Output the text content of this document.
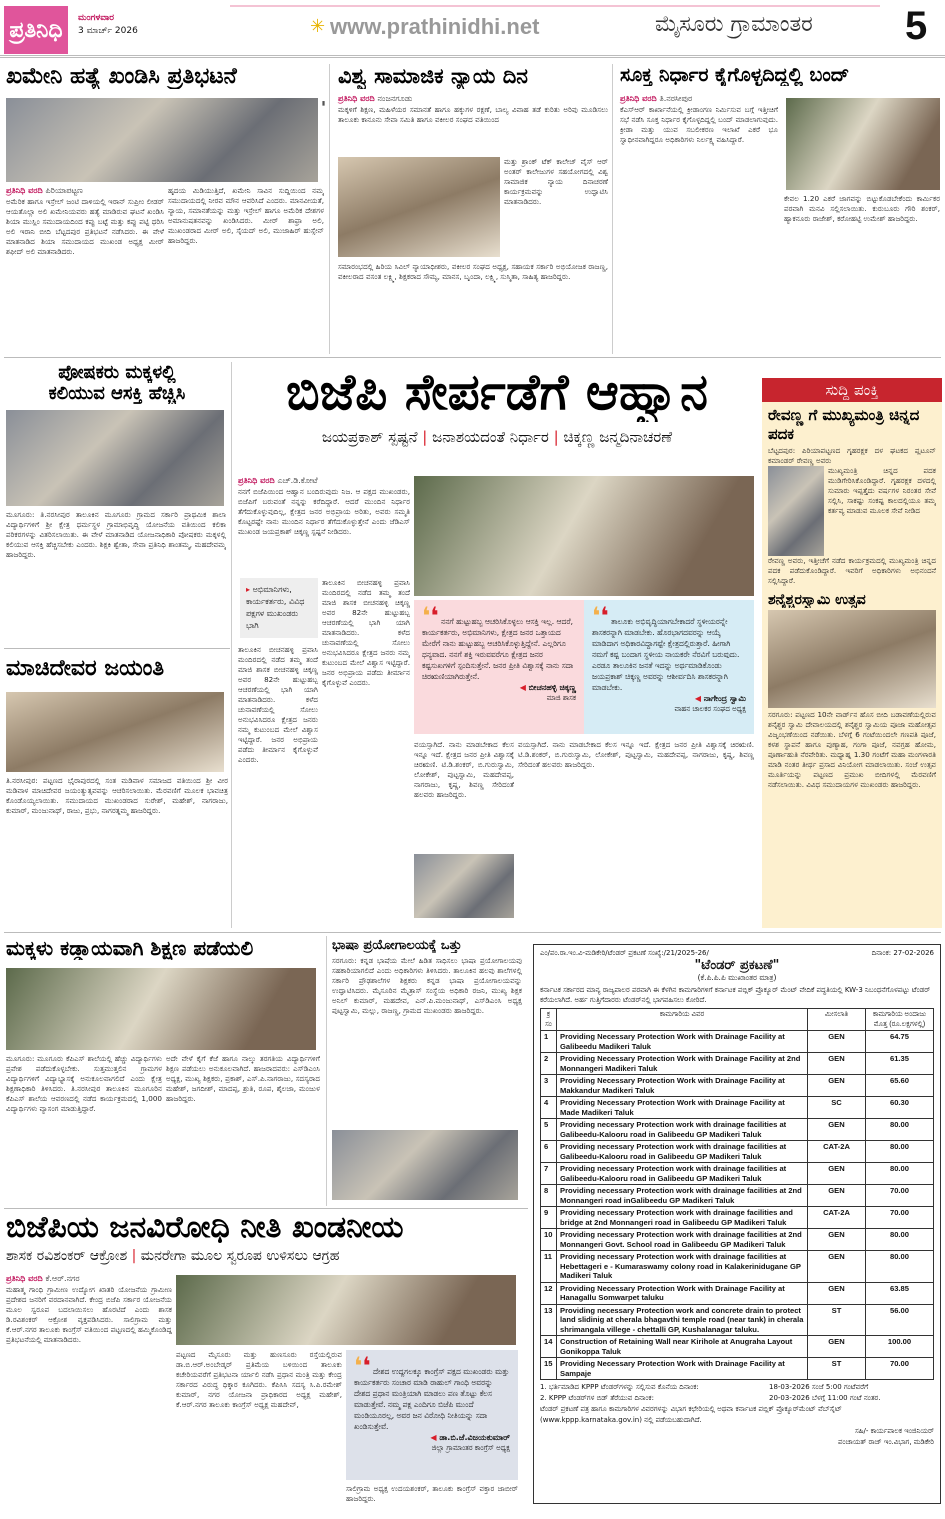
ಪ್ರತಿನಿಧಿ	ಮಂಗಳವಾರ
3 ಮಾರ್ಚ್ 2026	✳ www.prathinidhi.net	ಮೈಸೂರು ಗ್ರಾಮಾಂತರ 5
ಖಮೇನಿ ಹತ್ಯೆ ಖಂಡಿಸಿ ಪ್ರತಿಭಟನೆ
▮
ಪ್ರತಿನಿಧಿ ವರದಿ ಪಿರಿಯಾಪಟ್ಟಣ
ಅಮೆರಿಕ ಹಾಗೂ ಇಸ್ರೇಲ್ ಜಂಟಿ ದಾಳಿಯಲ್ಲಿ ಇರಾನ್ ಸುಪ್ರೀಂ ಲೀಡರ್ ಆಯತೊಲ್ಲಾ ಅಲಿ ಖಮೇನಿಯವರು ಹತ್ಯೆ ಮಾಡಿರುವ ಘಟನೆ ಖಂಡಿಸಿ ಶಿಯಾ ಮುಸ್ಲಿಂ ಸಮುದಾಯದಿಂದ ಕಪ್ಪು ಬಟ್ಟೆ ಮತ್ತು ಕಪ್ಪು ಪಟ್ಟಿ ಧರಿಸಿ ಅಲಿ ಇರಾನಿ ಬೀದಿ ಬೆಟ್ಟದಪುರ ಪ್ರತಿಭಟನೆ ನಡೆಸಿದರು. ಈ ವೇಳೆ ಮಾತನಾಡಿದ ಶಿಯಾ ಸಮುದಾಯದ ಮುಖಂಡ ಅಧ್ಯಕ್ಷ ಮೀರ್ ಶಫೀದ್ ಅಲಿ ಮಾತನಾಡಿದರು.
ಹೃದಯ ಮಿಡಿಯುತ್ತಿದೆ, ಖಮೇನಿ ಸಾವಿನ ಸುದ್ದಿಯಿಂದ ನಮ್ಮ ಸಮುದಾಯದಲ್ಲಿ ನೀರವ ಮೌನ ಆವರಿಸಿದೆ ಎಂದರು. ಮಾನವೀಯತೆ, ನ್ಯಾಯ, ಸಮಾನತೆಯನ್ನು ಮತ್ತು ಇಸ್ರೇಲ್ ಹಾಗೂ ಅಮೆರಿಕ ದೇಶಗಳ ಅಮಾನುಷತನವನ್ನು ಖಂಡಿಸಿದರು. ಮೀರ್ ಶಾಫ್ರಾ ಅಲಿ, ಮುಖಂಡರಾದ ಮೀರ್ ಅಲಿ, ಸೈಯದ್ ಅಲಿ, ಮುಜಾಹಿರ್ ಹುಸ್ಸೇನ್ ಹಾಜರಿದ್ದರು.
ವಿಶ್ವ ಸಾಮಾಜಿಕ ನ್ಯಾಯ ದಿನ
ಪ್ರತಿನಿಧಿ ವರದಿ ನಂಜನಗೂಡು
ಮಕ್ಕಳಿಗೆ ಶಿಕ್ಷಣ, ಮಹಿಳೆಯರ ಸಮಾನತೆ ಹಾಗೂ ಹಕ್ಕುಗಳ ರಕ್ಷಣೆ, ಬಾಲ್ಯ ವಿವಾಹ ತಡೆ ಕುರಿತು ಅರಿವು ಮೂಡಿಸಲು ತಾಲೂಕು ಕಾನೂನು ಸೇವಾ ಸಮಿತಿ ಹಾಗೂ ವಕೀಲರ ಸಂಘದ ವತಿಯಿಂದ
ಮತ್ತು ಶ್ರಾಂಕ್ ಟೆಕ್ ಕಾಲೇಜ್ ವೈಸ್ ಆರ್ ಅಂತರ್ ಕಾಲೇಜುಗಳ ಸಹಯೋಗದಲ್ಲಿ ವಿಶ್ವ ಸಾಮಾಜಿಕ ನ್ಯಾಯ ದಿನಾಚರಣೆ ಕಾರ್ಯಕ್ರಮವನ್ನು ಉದ್ಘಾಟಿಸಿ ಮಾತನಾಡಿದರು.
ಸಮಾರಂಭದಲ್ಲಿ ಹಿರಿಯ ಸಿವಿಲ್ ನ್ಯಾಯಾಧೀಶರು, ವಕೀಲರ ಸಂಘದ ಅಧ್ಯಕ್ಷ, ಸಹಾಯಕ ಸರ್ಕಾರಿ ಅಭಿಯೋಜಕ ರಾಜಣ್ಣ, ವಕೀಲರಾದ ವಸಂತ ಲಕ್ಷ್ಮಿ, ಶಿಕ್ಷಕರಾದ ಸೌಮ್ಯ, ಮಾನಸ, ಬೃಂದಾ, ಲಕ್ಷ್ಮಿ, ಸುಸ್ಮಿತಾ, ಸಾಹಿತ್ಯ ಹಾಜರಿದ್ದರು.
ಸೂಕ್ತ ನಿರ್ಧಾರ ಕೈಗೊಳ್ಳದಿದ್ದಲ್ಲಿ ಬಂದ್
ಪ್ರತಿನಿಧಿ ವರದಿ ತಿ.ನರಸೀಪುರ
ಕೆಎಸ್ಆರ್ ಕಾರ್ಖಾನೆಯಲ್ಲಿ ಕ್ರೀಡಾಂಗಣ ನಿರ್ಮಿಸುವ ಬಗ್ಗೆ ಇತ್ತೀಚಿಗೆ ಸಭೆ ನಡೆಸಿ ಸೂಕ್ತ ನಿರ್ಧಾರ ಕೈಗೊಳ್ಳದಿದ್ದಲ್ಲಿ ಬಂದ್ ಮಾಡಲಾಗುವುದು. ಕ್ರೀಡಾ ಮತ್ತು ಯುವ ಸಬಲೀಕರಣ ಇಲಾಖೆ ಎಕರೆ ಭೂ ಸ್ವಾಧೀನವಾಗಿದ್ದರೂ ಅಧಿಕಾರಿಗಳು ನಿರ್ಲಕ್ಷ್ಯ ವಹಿಸಿದ್ದಾರೆ.
ಕೇವಲ 1.20 ಎಕರೆ ಜಾಗವನ್ನು ಬಿಟ್ಟುಕೊಡಬೇಕೆಂದು ಕಾರ್ಮಿಕರ ಪರವಾಗಿ ಮನವಿ ಸಲ್ಲಿಸಲಾಯಿತು. ಕುರುಬೂರು ಗೌರಿ ಶಂಕರ್, ಹ್ಯಾಕನೂರು ರಾಜೇಶ್, ಕರೋಹಟ್ಟಿ ಉಮೇಶ್ ಹಾಜರಿದ್ದರು.
ಪೋಷಕರು ಮಕ್ಕಳಲ್ಲಿ
ಕಲಿಯುವ ಆಸಕ್ತಿ ಹೆಚ್ಚಿಸಿ
ಮೂಗೂರು: ತಿ.ನರಸೀಪುರ ತಾಲೂಕಿನ ಮೂಗೂರು ಗ್ರಾಮದ ಸರ್ಕಾರಿ ಪ್ರಾಥಮಿಕ ಶಾಲಾ ವಿದ್ಯಾರ್ಥಿಗಳಿಗೆ ಶ್ರೀ ಕ್ಷೇತ್ರ ಧರ್ಮಸ್ಥಳ ಗ್ರಾಮಾಭಿವೃದ್ಧಿ ಯೋಜನೆಯ ವತಿಯಿಂದ ಕಲಿಕಾ ಪರಿಕರಗಳನ್ನು ವಿತರಿಸಲಾಯಿತು. ಈ ವೇಳೆ ಮಾತನಾಡಿದ ಯೋಜನಾಧಿಕಾರಿ ಪೋಷಕರು ಮಕ್ಕಳಲ್ಲಿ ಕಲಿಯುವ ಆಸಕ್ತಿ ಹೆಚ್ಚಿಸಬೇಕು ಎಂದರು. ಶಿಕ್ಷಕಿ ಶ್ವೇತಾ, ಸೇವಾ ಪ್ರತಿನಿಧಿ ಶಾಂತಮ್ಮ, ಮಹದೇವಮ್ಮ ಹಾಜರಿದ್ದರು.
ಮಾಚಿದೇವರ ಜಯಂತಿ
ತಿ.ನರಸೀಪುರ: ಪಟ್ಟಣದ ಭೈರಾಪುರದಲ್ಲಿ ಸಂತ ಮಡಿವಾಳ ಸಮಾಜದ ವತಿಯಿಂದ ಶ್ರೀ ವೀರ ಮಡಿವಾಳ ಮಾಚಿದೇವರ ಜಯಂತ್ಯುತ್ಸವವನ್ನು ಆಚರಿಸಲಾಯಿತು. ಮೆರವಣಿಗೆ ಮೂಲಕ ಭಾವಚಿತ್ರ ಕೊಂಡೊಯ್ಯಲಾಯಿತು. ಸಮುದಾಯದ ಮುಖಂಡರಾದ ಸುರೇಶ್, ಮಹೇಶ್, ನಾಗರಾಜು, ಕುಮಾರ್, ಮಂಜುನಾಥ್, ರಾಜು, ಪ್ರಭು, ನಾಗರತ್ನಮ್ಮ ಹಾಜರಿದ್ದರು.
ಬಿಜೆಪಿ ಸೇರ್ಪಡೆಗೆ ಆಹ್ವಾನ
ಜಯಪ್ರಕಾಶ್ ಸ್ಪಷ್ಟನೆ | ಜನಾಶಯದಂತೆ ನಿರ್ಧಾರ | ಚಿಕ್ಕಣ್ಣ ಜನ್ಮದಿನಾಚರಣೆ
ಪ್ರತಿನಿಧಿ ವರದಿ ಎಚ್.ಡಿ.ಕೋಟೆ
ನನಗೆ ಬಿಜೆಪಿಯಿಂದ ಆಹ್ವಾನ ಬಂದಿರುವುದು ನಿಜ. ಆ ಪಕ್ಷದ ಮುಖಂಡರು, ಬಿಜೆಪಿಗೆ ಬರುವಂತೆ ನನ್ನನ್ನು ಕರೆದಿದ್ದಾರೆ. ಆದರೆ ಮುಂದಿನ ನಿರ್ಧಾರ ತೆಗೆದುಕೊಳ್ಳುವುದಿಲ್ಲ, ಕ್ಷೇತ್ರದ ಜನರ ಅಭಿಪ್ರಾಯ ಅರಿತು, ಅವರು ಸಮ್ಮತಿ ಕೊಟ್ಟರಷ್ಟೇ ನಾನು ಮುಂದಿನ ನಿರ್ಧಾರ ತೆಗೆದುಕೊಳ್ಳುತ್ತೇನೆ ಎಂದು ಜೆಡಿಎಸ್ ಮುಖಂಡ ಜಯಪ್ರಕಾಶ್ ಚಿಕ್ಕಣ್ಣ ಸ್ಪಷ್ಟನೆ ನೀಡಿದರು.
▸ ಅಭಿಮಾನಿಗಳು, ಕಾರ್ಯಕರ್ತರು, ವಿವಿಧ ಪಕ್ಷಗಳ ಮುಖಂಡರು ಭಾಗಿ
ತಾಲೂಕಿನ ಬೀಚನಹಳ್ಳಿ ಪ್ರವಾಸಿ ಮಂದಿರದಲ್ಲಿ ನಡೆದ ತಮ್ಮ ತಂದೆ ಮಾಜಿ ಶಾಸಕ ಬೀಚನಹಳ್ಳಿ ಚಿಕ್ಕಣ್ಣ ಅವರ 82ನೇ ಹುಟ್ಟುಹಬ್ಬ ಆಚರಣೆಯಲ್ಲಿ ಭಾಗಿ ಯಾಗಿ ಮಾತನಾಡಿದರು. ಕಳೆದ ಚುನಾವಣೆಯಲ್ಲಿ ಸೋಲು ಅನುಭವಿಸಿದರೂ ಕ್ಷೇತ್ರದ ಜನರು ನಮ್ಮ ಕುಟುಂಬದ ಮೇಲೆ ವಿಶ್ವಾಸ ಇಟ್ಟಿದ್ದಾರೆ. ಜನರ ಅಭಿಪ್ರಾಯ ಪಡೆದು ತೀರ್ಮಾನ ಕೈಗೊಳ್ಳುವೆ ಎಂದರು.
ತಾಲೂಕಿನ ಬೀಚನಹಳ್ಳಿ ಪ್ರವಾಸಿ ಮಂದಿರದಲ್ಲಿ ನಡೆದ ತಮ್ಮ ತಂದೆ ಮಾಜಿ ಶಾಸಕ ಬೀಚನಹಳ್ಳಿ ಚಿಕ್ಕಣ್ಣ ಅವರ 82ನೇ ಹುಟ್ಟುಹಬ್ಬ ಆಚರಣೆಯಲ್ಲಿ ಭಾಗಿ ಯಾಗಿ ಮಾತನಾಡಿದರು. ಕಳೆದ ಚುನಾವಣೆಯಲ್ಲಿ ಸೋಲು ಅನುಭವಿಸಿದರೂ ಕ್ಷೇತ್ರದ ಜನರು ನಮ್ಮ ಕುಟುಂಬದ ಮೇಲೆ ವಿಶ್ವಾಸ ಇಟ್ಟಿದ್ದಾರೆ. ಜನರ ಅಭಿಪ್ರಾಯ ಪಡೆದು ತೀರ್ಮಾನ ಕೈಗೊಳ್ಳುವೆ ಎಂದರು.
❛❛ ನನಗೆ ಹುಟ್ಟುಹಬ್ಬ ಆಚರಿಸಿಕೊಳ್ಳಲು ಆಸಕ್ತಿ ಇಲ್ಲ. ಆದರೆ, ಕಾರ್ಯಕರ್ತರು, ಅಭಿಮಾನಿಗಳು, ಕ್ಷೇತ್ರದ ಜನರ ಒತ್ತಾಯದ ಮೇರೆಗೆ ನಾನು ಹುಟ್ಟುಹಬ್ಬ ಆಚರಿಸಿಕೊಳ್ಳುತ್ತಿದ್ದೇನೆ. ಎಲ್ಲರಿಗೂ ಧನ್ಯವಾದ. ನನಗೆ ಶಕ್ತಿ ಇರುವವರೆಗೂ ಕ್ಷೇತ್ರದ ಜನರ ಕಷ್ಟಸುಖಗಳಿಗೆ ಸ್ಪಂದಿಸುತ್ತೇನೆ. ಜನರ ಪ್ರೀತಿ ವಿಶ್ವಾಸಕ್ಕೆ ನಾನು ಸದಾ ಚಿರಋಣಿಯಾಗಿರುತ್ತೇನೆ.
◀ ಬೀಚನಹಳ್ಳಿ ಚಿಕ್ಕಣ್ಣ
ಮಾಜಿ ಶಾಸಕ
❛❛ ತಾಲೂಕು ಅಭಿವೃದ್ಧಿಯಾಗಬೇಕಾದರೆ ಸ್ಥಳೀಯರನ್ನೇ ಶಾಸಕರನ್ನಾಗಿ ಮಾಡಬೇಕು. ಹೊರಭಾಗದವರನ್ನು ಆಯ್ಕೆ ಮಾಡಿದಾಗ ಅಧಿಕಾರವಿದ್ದಾಗಷ್ಟೇ ಕ್ಷೇತ್ರದಲ್ಲಿರುತ್ತಾರೆ. ಹೀಗಾಗಿ ನಮಗೆ ಕಷ್ಟ ಬಂದಾಗ ಸ್ಥಳೀಯ ನಾಯಕರೇ ನೆರವಿಗೆ ಬರುವುದು. ಎರಡೂ ತಾಲೂಕಿನ ಜನತೆ ಇದನ್ನು ಅರ್ಥಮಾಡಿಕೊಂಡು ಜಯಪ್ರಕಾಶ್ ಚಿಕ್ಕಣ್ಣ ಅವರನ್ನು ಆಶೀರ್ವದಿಸಿ ಶಾಸಕರನ್ನಾಗಿ ಮಾಡಬೇಕು.
◀ ನಾಗೇಂದ್ರ ಸ್ವಾಮಿ
ವಾಹನ ಚಾಲಕರ ಸಂಘದ ಅಧ್ಯಕ್ಷ
ವಯಸ್ಸಾಗಿದೆ. ನಾನು ಮಾಡಬೇಕಾದ ಕೆಲಸ ಇನ್ನೂ ಇದೆ. ಕ್ಷೇತ್ರದ ಜನರ ಪ್ರೀತಿ ವಿಶ್ವಾಸಕ್ಕೆ ಚಿರಋಣಿ. ಟಿ.ಡಿ.ಶಂಕರ್, ಬಿ.ಗುರುಸ್ವಾಮಿ, ಲೋಕೇಶ್, ಪುಟ್ಟಸ್ವಾಮಿ, ಮಹದೇವಪ್ಪ, ನಾಗರಾಜು, ಕೃಷ್ಣ, ಶಿವಣ್ಣ ಸೇರಿದಂತೆ ಹಲವರು ಹಾಜರಿದ್ದರು.
ವಯಸ್ಸಾಗಿದೆ. ನಾನು ಮಾಡಬೇಕಾದ ಕೆಲಸ ಇನ್ನೂ ಇದೆ. ಕ್ಷೇತ್ರದ ಜನರ ಪ್ರೀತಿ ವಿಶ್ವಾಸಕ್ಕೆ ಚಿರಋಣಿ. ಟಿ.ಡಿ.ಶಂಕರ್, ಬಿ.ಗುರುಸ್ವಾಮಿ, ಲೋಕೇಶ್, ಪುಟ್ಟಸ್ವಾಮಿ, ಮಹದೇವಪ್ಪ, ನಾಗರಾಜು, ಕೃಷ್ಣ, ಶಿವಣ್ಣ ಸೇರಿದಂತೆ ಹಲವರು ಹಾಜರಿದ್ದರು.
ಸುದ್ದಿ ಪಂಕ್ತಿ
ರೇವಣ್ಣ ಗೆ ಮುಖ್ಯಮಂತ್ರಿ ಚಿನ್ನದ ಪದಕ
ಬೆಟ್ಟದಪುರ: ಪಿರಿಯಾಪಟ್ಟಣದ ಗೃಹರಕ್ಷಕ ದಳ ಘಟಕದ ಪ್ಲಟೂನ್ ಕಮಾಂಡರ್ ರೇವಣ್ಣ ಅವರು
ಮುಖ್ಯಮಂತ್ರಿ ಚಿನ್ನದ ಪದಕ ಮುಡಿಗೇರಿಸಿಕೊಂಡಿದ್ದಾರೆ. ಗೃಹರಕ್ಷಕ ದಳದಲ್ಲಿ ಸುಮಾರು ಇಪ್ಪತ್ತೈದು ವರ್ಷಗಳ ನಿರಂತರ ಸೇವೆ ಸಲ್ಲಿಸಿ, ಸಾಕಷ್ಟು ಸಂಕಷ್ಟ ಕಾಲದಲ್ಲಿಯೂ ತಮ್ಮ ಕರ್ತವ್ಯ ಮಾಡುವ ಮೂಲಕ ಸೇವೆ ನೀಡಿದ
ರೇವಣ್ಣ ಅವರು, ಇತ್ತೀಚೆಗೆ ನಡೆದ ಕಾರ್ಯಕ್ರಮದಲ್ಲಿ ಮುಖ್ಯಮಂತ್ರಿ ಚಿನ್ನದ ಪದಕ ಪಡೆದುಕೊಂಡಿದ್ದಾರೆ. ಇವರಿಗೆ ಅಧಿಕಾರಿಗಳು ಅಭಿನಂದನೆ ಸಲ್ಲಿಸಿದ್ದಾರೆ.
ಶನೈಶ್ಚರಸ್ವಾಮಿ ಉತ್ಸವ
ಸರಗೂರು: ಪಟ್ಟಣದ 10ನೇ ವಾರ್ಡ್‌ನ ಹೊಸ ಬೀದಿ ಬಡಾವಣೆಯಲ್ಲಿರುವ ಶನೈಶ್ಚರ ಸ್ವಾಮಿ ದೇವಾಲಯದಲ್ಲಿ ಶನೈಶ್ಚರ ಸ್ವಾಮಿಯ ಪೂಜಾ ಮಹೋತ್ಸವ ವಿಜೃಂಭಣೆಯಿಂದ ನಡೆಯಿತು. ಬೆಳಗ್ಗೆ 6 ಗಂಟೆಯಿಂದಲೇ ಗಣಪತಿ ಪೂಜೆ, ಕಳಶ ಸ್ಥಾಪನೆ ಹಾಗೂ ಪುಣ್ಯಾಹ, ಗಂಗಾ ಪೂಜೆ, ನವಗ್ರಹ ಹೋಮ, ಪೂರ್ಣಾಹುತಿ ನೆರವೇರಿತು. ಮಧ್ಯಾಹ್ನ 1.30 ಗಂಟೆಗೆ ಮಹಾ ಮಂಗಳಾರತಿ ಮಾಡಿ ನಂತರ ತೀರ್ಥ ಪ್ರಸಾದ ವಿನಿಯೋಗ ಮಾಡಲಾಯಿತು. ಸಂಜೆ ಉತ್ಸವ ಮೂರ್ತಿಯನ್ನು ಪಟ್ಟಣದ ಪ್ರಮುಖ ಬೀದಿಗಳಲ್ಲಿ ಮೆರವಣಿಗೆ ನಡೆಸಲಾಯಿತು. ವಿವಿಧ ಸಮುದಾಯಗಳ ಮುಖಂಡರು ಹಾಜರಿದ್ದರು.
ಮಕ್ಕಳು ಕಡ್ಡಾಯವಾಗಿ ಶಿಕ್ಷಣ ಪಡೆಯಲಿ
ಮೂಗೂರು: ಮೂಗೂರು ಕೆಪಿಎಸ್ ಶಾಲೆಯಲ್ಲಿ ಹೆಚ್ಚು ವಿದ್ಯಾರ್ಥಿಗಳು ಪ್ರವೇಶ ಪಡೆದುಕೊಳ್ಳಬೇಕು. ಸುತ್ತಮುತ್ತಲಿನ ಗ್ರಾಮಗಳ ವಿದ್ಯಾರ್ಥಿಗಳಿಗೆ ವಿದ್ಯಾಭ್ಯಾಸಕ್ಕೆ ಅನುಕೂಲವಾಗಲಿದೆ ಎಂದು ಕ್ಷೇತ್ರ ಶಿಕ್ಷಣಾಧಿಕಾರಿ ತಿಳಿಸಿದರು. ತಿ.ನರಸೀಪುರ ತಾಲೂಕಿನ ಮೂಗೂರಿನ ಕೆಪಿಎಸ್ ಶಾಲೆಯ ಆವರಣದಲ್ಲಿ ನಡೆದ ಕಾರ್ಯಕ್ರಮದಲ್ಲಿ 1,000 ವಿದ್ಯಾರ್ಥಿಗಳು ವ್ಯಾಸಂಗ ಮಾಡುತ್ತಿದ್ದಾರೆ.
ಅದೇ ವೇಳೆ ಕೈಗೆ ಕೆಜೆ ಹಾಗೂ ನಾಲ್ಕು ತರಗತಿಯ ವಿದ್ಯಾರ್ಥಿಗಳಿಗೆ ಶಿಕ್ಷಣ ಪಡೆಯಲು ಅನುಕೂಲವಾಗಿದೆ. ಹಾಜರಾದವರು: ಎಸ್‌ಡಿಎಂಸಿ ಅಧ್ಯಕ್ಷ, ಮುಖ್ಯ ಶಿಕ್ಷಕರು, ಪ್ರಕಾಶ್, ಎಸ್.ಪಿ.ನಾಗರಾಜು, ಸದಸ್ಯರಾದ ಮಹೇಶ್, ಜಗದೀಶ್, ಮಾದಪ್ಪ, ಶ್ರುತಿ, ರೂಪ, ಶೈಲಜಾ, ಮಂಜುಳ ಹಾಜರಿದ್ದರು.
ಭಾಷಾ ಪ್ರಯೋಗಾಲಯಕ್ಕೆ ಒತ್ತು
ಸರಗೂರು: ಕನ್ನಡ ಭಾಷೆಯ ಮೇಲೆ ಹಿಡಿತ ಸಾಧಿಸಲು ಭಾಷಾ ಪ್ರಯೋಗಾಲಯವು ಸಹಕಾರಿಯಾಗಲಿದೆ ಎಂದು ಅಧಿಕಾರಿಗಳು ತಿಳಿಸಿದರು. ತಾಲೂಕಿನ ಹಲವು ಶಾಲೆಗಳಲ್ಲಿ ಸರ್ಕಾರಿ ಪ್ರೌಢಶಾಲೆಗಳ ಶಿಕ್ಷಕರು ಕನ್ನಡ ಭಾಷಾ ಪ್ರಯೋಗಾಲಯವನ್ನು ಉದ್ಘಾಟಿಸಿದರು. ಮೈಸೂರಿನ ಮೈತ್ರಾಸ್ ಸಂಸ್ಥೆಯ ಅಧಿಕಾರಿ ರಜನಿ, ಮುಖ್ಯ ಶಿಕ್ಷಕ ಅನಿಲ್ ಕುಮಾರ್, ಮಹದೇವ, ಎನ್.ಪಿ.ಮಂಜುನಾಥ್, ಎಸ್‌ಡಿಎಂಸಿ ಅಧ್ಯಕ್ಷ ಪುಟ್ಟಸ್ವಾಮಿ, ಮಲ್ಲು, ರಾಜಣ್ಣ, ಗ್ರಾಮದ ಮುಖಂಡರು ಹಾಜರಿದ್ದರು.
ಬಿಜೆಪಿಯ ಜನವಿರೋಧಿ ನೀತಿ ಖಂಡನೀಯ
ಶಾಸಕ ರವಿಶಂಕರ್ ಆಕ್ರೋಶ | ಮನರೇಗಾ ಮೂಲ ಸ್ವರೂಪ ಉಳಿಸಲು ಆಗ್ರಹ
ಪ್ರತಿನಿಧಿ ವರದಿ ಕೆ.ಆರ್.ನಗರ
ಮಹಾತ್ಮ ಗಾಂಧಿ ಗ್ರಾಮೀಣ ಉದ್ಯೋಗ ಖಾತರಿ ಯೋಜನೆಯ ಗ್ರಾಮೀಣ ಪ್ರದೇಶದ ಜನರಿಗೆ ವರದಾನವಾಗಿದೆ. ಕೇಂದ್ರ ಬಿಜೆಪಿ ಸರ್ಕಾರ ಯೋಜನೆಯ ಮೂಲ ಸ್ವರೂಪ ಬದಲಾಯಿಸಲು ಹೊರಟಿದೆ ಎಂದು ಶಾಸಕ ಡಿ.ರವಿಶಂಕರ್ ಆಕ್ರೋಶ ವ್ಯಕ್ತಪಡಿಸಿದರು. ಸಾಲಿಗ್ರಾಮ ಮತ್ತು ಕೆ.ಆರ್.ನಗರ ತಾಲೂಕು ಕಾಂಗ್ರೆಸ್ ವತಿಯಿಂದ ಪಟ್ಟಣದಲ್ಲಿ ಹಮ್ಮಿಕೊಂಡಿದ್ದ ಪ್ರತಿಭಟನೆಯಲ್ಲಿ ಮಾತನಾಡಿದರು.
ಪಟ್ಟಣದ ಮೈಸೂರು ಮತ್ತು ಹುಣಸೂರು ರಸ್ತೆಯಲ್ಲಿರುವ ಡಾ.ಬಿ.ಆರ್.ಅಂಬೇಡ್ಕರ್ ಪ್ರತಿಮೆಯ ಬಳಿಯಿಂದ ತಾಲೂಕು ಕಚೇರಿಯವರೆಗೆ ಪ್ರತಿಭಟನಾ ರ್ಯಾಲಿ ನಡೆಸಿ ಪ್ರಧಾನ ಮಂತ್ರಿ ಮತ್ತು ಕೇಂದ್ರ ಸರ್ಕಾರದ ವಿರುದ್ಧ ಧಿಕ್ಕಾರ ಕೂಗಿದರು. ಕೆಪಿಸಿಸಿ ಸದಸ್ಯ ಸಿ.ಪಿ.ರಮೇಶ್ ಕುಮಾರ್, ನಗರ ಯೋಜನಾ ಪ್ರಾಧಿಕಾರದ ಅಧ್ಯಕ್ಷ ಮಹೇಶ್, ಕೆ.ಆರ್.ನಗರ ತಾಲೂಕು ಕಾಂಗ್ರೆಸ್ ಅಧ್ಯಕ್ಷ ಮಹದೇವ್,
❛❛ ದೇಶದ ಉದ್ದಗಲಕ್ಕೂ ಕಾಂಗ್ರೆಸ್ ಪಕ್ಷದ ಮುಖಂಡರು ಮತ್ತು ಕಾರ್ಯಕರ್ತರು ಸಂಚಾರ ಮಾಡಿ ರಾಹುಲ್ ಗಾಂಧಿ ಅವರನ್ನು ದೇಶದ ಪ್ರಧಾನ ಮಂತ್ರಿಯಾಗಿ ಮಾಡಲು ಪಣ ತೊಟ್ಟು ಕೆಲಸ ಮಾಡುತ್ತೇವೆ. ನಮ್ಮ ಪಕ್ಷ ಎಂದಿಗೂ ಬಿಜೆಪಿ ಮುಂದೆ ಮಂಡಿಯೂರಲ್ಲ, ಅವರ ಜನ ವಿರೋಧಿ ನೀತಿಯನ್ನು ಸದಾ ಖಂಡಿಸುತ್ತೇವೆ.
◀ ಡಾ.ಬಿ.ಜೆ.ವಿಜಯಕುಮಾರ್
ಜಿಲ್ಲಾ ಗ್ರಾಮಾಂತರ ಕಾಂಗ್ರೆಸ್ ಅಧ್ಯಕ್ಷ
ಸಾಲಿಗ್ರಾಮ ಅಧ್ಯಕ್ಷ ಉದಯಶಂಕರ್, ತಾಲೂಕು ಕಾಂಗ್ರೆಸ್ ವಕ್ತಾರ ಜಾಬೀರ್ ಹಾಜರಿದ್ದರು.
ಎಂ/ಪಂ.ರಾ.ಇಂ.ವಿ-ಮಡಿಕೇರಿ/ಟೆಂಡರ್ ಪ್ರಕಟಣೆ ಸಂಖ್ಯೆ:/21/2025-26/	ದಿನಾಂಕ: 27-02-2026
"ಟೆಂಡರ್ ಪ್ರಕಟಣೆ"
(ಕೆ.ಪಿ.ಪಿ.ಪಿ ಮುಖಾಂತರ ಮಾತ್ರ)
ಕರ್ನಾಟಕ ಸರ್ಕಾರದ ಮಾನ್ಯ ರಾಜ್ಯಪಾಲರ ಪರವಾಗಿ ಈ ಕೆಳಗಿನ ಕಾಮಗಾರಿಗಳಿಗೆ ಕರ್ನಾಟಕ ಪಬ್ಲಿಕ್ ಪ್ರೊಕ್ಯೂರ್ ಮೆಂಟ್ ವೇದಿಕೆ ಪದ್ಧತಿಯಲ್ಲಿ KW-3 ನಿಬಂಧನೆಗೊಳಪಟ್ಟು ಟೆಂಡರ್ ಕರೆಯಲಾಗಿದೆ. ಅರ್ಹ ಗುತ್ತಿಗೆದಾರರು ಟೆಂಡರ್‌ನಲ್ಲಿ ಭಾಗವಹಿಸಲು ಕೋರಿದೆ.
ಕ್ರ ಸಂ	ಕಾಮಗಾರಿಯ ವಿವರ	ಮೀಸಲಾತಿ	ಕಾಮಗಾರಿಯ ಅಂದಾಜು ಮೊತ್ತ (ರೂ.ಲಕ್ಷಗಳಲ್ಲಿ)
1	Providing Necessary Protection Work with Drainage Facility at Galibeedu Madikeri Taluk	GEN	64.75
2	Providing Necessary Protection Work with Drainage Facility at 2nd Monnangeri Madikeri Taluk	GEN	61.35
3	Providing Necessary Protection Work with Drainage Facility at Makkandur Madikeri Taluk	GEN	65.60
4	Providing Necessary Protection Work with Drainage Facility at Made Madikeri Taluk	SC	60.30
5	Providing necessary Protection work with drainage facilities at Galibeedu-Kalooru road in Galibeedu GP Madikeri Taluk	GEN	80.00
6	Providing necessary Protection work with drainage facilities at Galibeedu-Kalooru road in Galibeedu GP Madikeri Taluk	CAT-2A	80.00
7	Providing necessary Protection work with drainage facilities at Galibeedu-Kalooru road in Galibeedu GP Madikeri Taluk	GEN	80.00
8	Providing necessary Protection work with drainage facilities at 2nd Monnangeri road inGalibeedu GP Madikeri Taluk	GEN	70.00
9	Providing necessary Protection work with drainage facilities and bridge at 2nd Monnangeri road in Galibeedu GP Madikeri Taluk	CAT-2A	70.00
10	Providing necessary Protection work with drainage facilities at 2nd Monnangeri Govt. School road in Galibeedu GP Madikeri Taluk	GEN	80.00
11	Providing necessary Protection work with drainage facilities at Hebettageri e - Kumaraswamy colony road in Kalakerinidugane GP Madikeri Taluk	GEN	80.00
12	Providing Necessary Protection Work with Drainage Facility at Hanagallu Somwarpet taluku	GEN	63.85
13	Providing necessary Protection work and concrete drain to protect land slidinig at cherala bhagavthi temple road (near tank) in cherala shrimangala villege - chettalli GP, Kushalanagar taluku.	ST	56.00
14	Construction of Retaining Wall near Kirihole at Anugraha Layout Gonikoppa Taluk	GEN	100.00
15	Providing Necessary Protection Work with Drainage Facility at Sampaje	ST	70.00
1. ಭರ್ತಿಮಾಡಿದ KPPP ಟೆಂಡರ್‌ಗಳನ್ನು ಸಲ್ಲಿಸುವ ಕೊನೆಯ ದಿನಾಂಕ:	18-03-2026 ಸಂಜೆ 5:00 ಗಂಟೆವರೆಗೆ
2. KPPP ಟೆಂಡರ್‌ಗಳ ಬಿಡ್ ತೆರೆಯುವ ದಿನಾಂಕ:	20-03-2026 ಬೆಳಗ್ಗೆ 11:00 ಗಂಟೆ ನಂತರ.
ಟೆಂಡರ್ ಪ್ರಕಟಣೆ ಪತ್ರ ಹಾಗೂ ಕಾಮಗಾರಿಗಳ ವಿವರಗಳನ್ನು ವಿಭಾಗ ಕಛೇರಿಯಲ್ಲಿ ಅಥವಾ ಕರ್ನಾಟಕ ಪಬ್ಲಿಕ್ ಪ್ರೊಕ್ಯೂರ್‌ಮೆಂಟ್ ವೆಬ್‌ಸೈಟ್ (www.kppp.karnataka.gov.in) ನಲ್ಲಿ ಪಡೆಯಬಹುದಾಗಿದೆ.
ಸಹಿ/- ಕಾರ್ಯಪಾಲಕ ಇಂಜಿನಿಯರ್
ಪಂಚಾಯತ್ ರಾಜ್ ಇಂ.ವಿಭಾಗ, ಮಡಿಕೇರಿ
